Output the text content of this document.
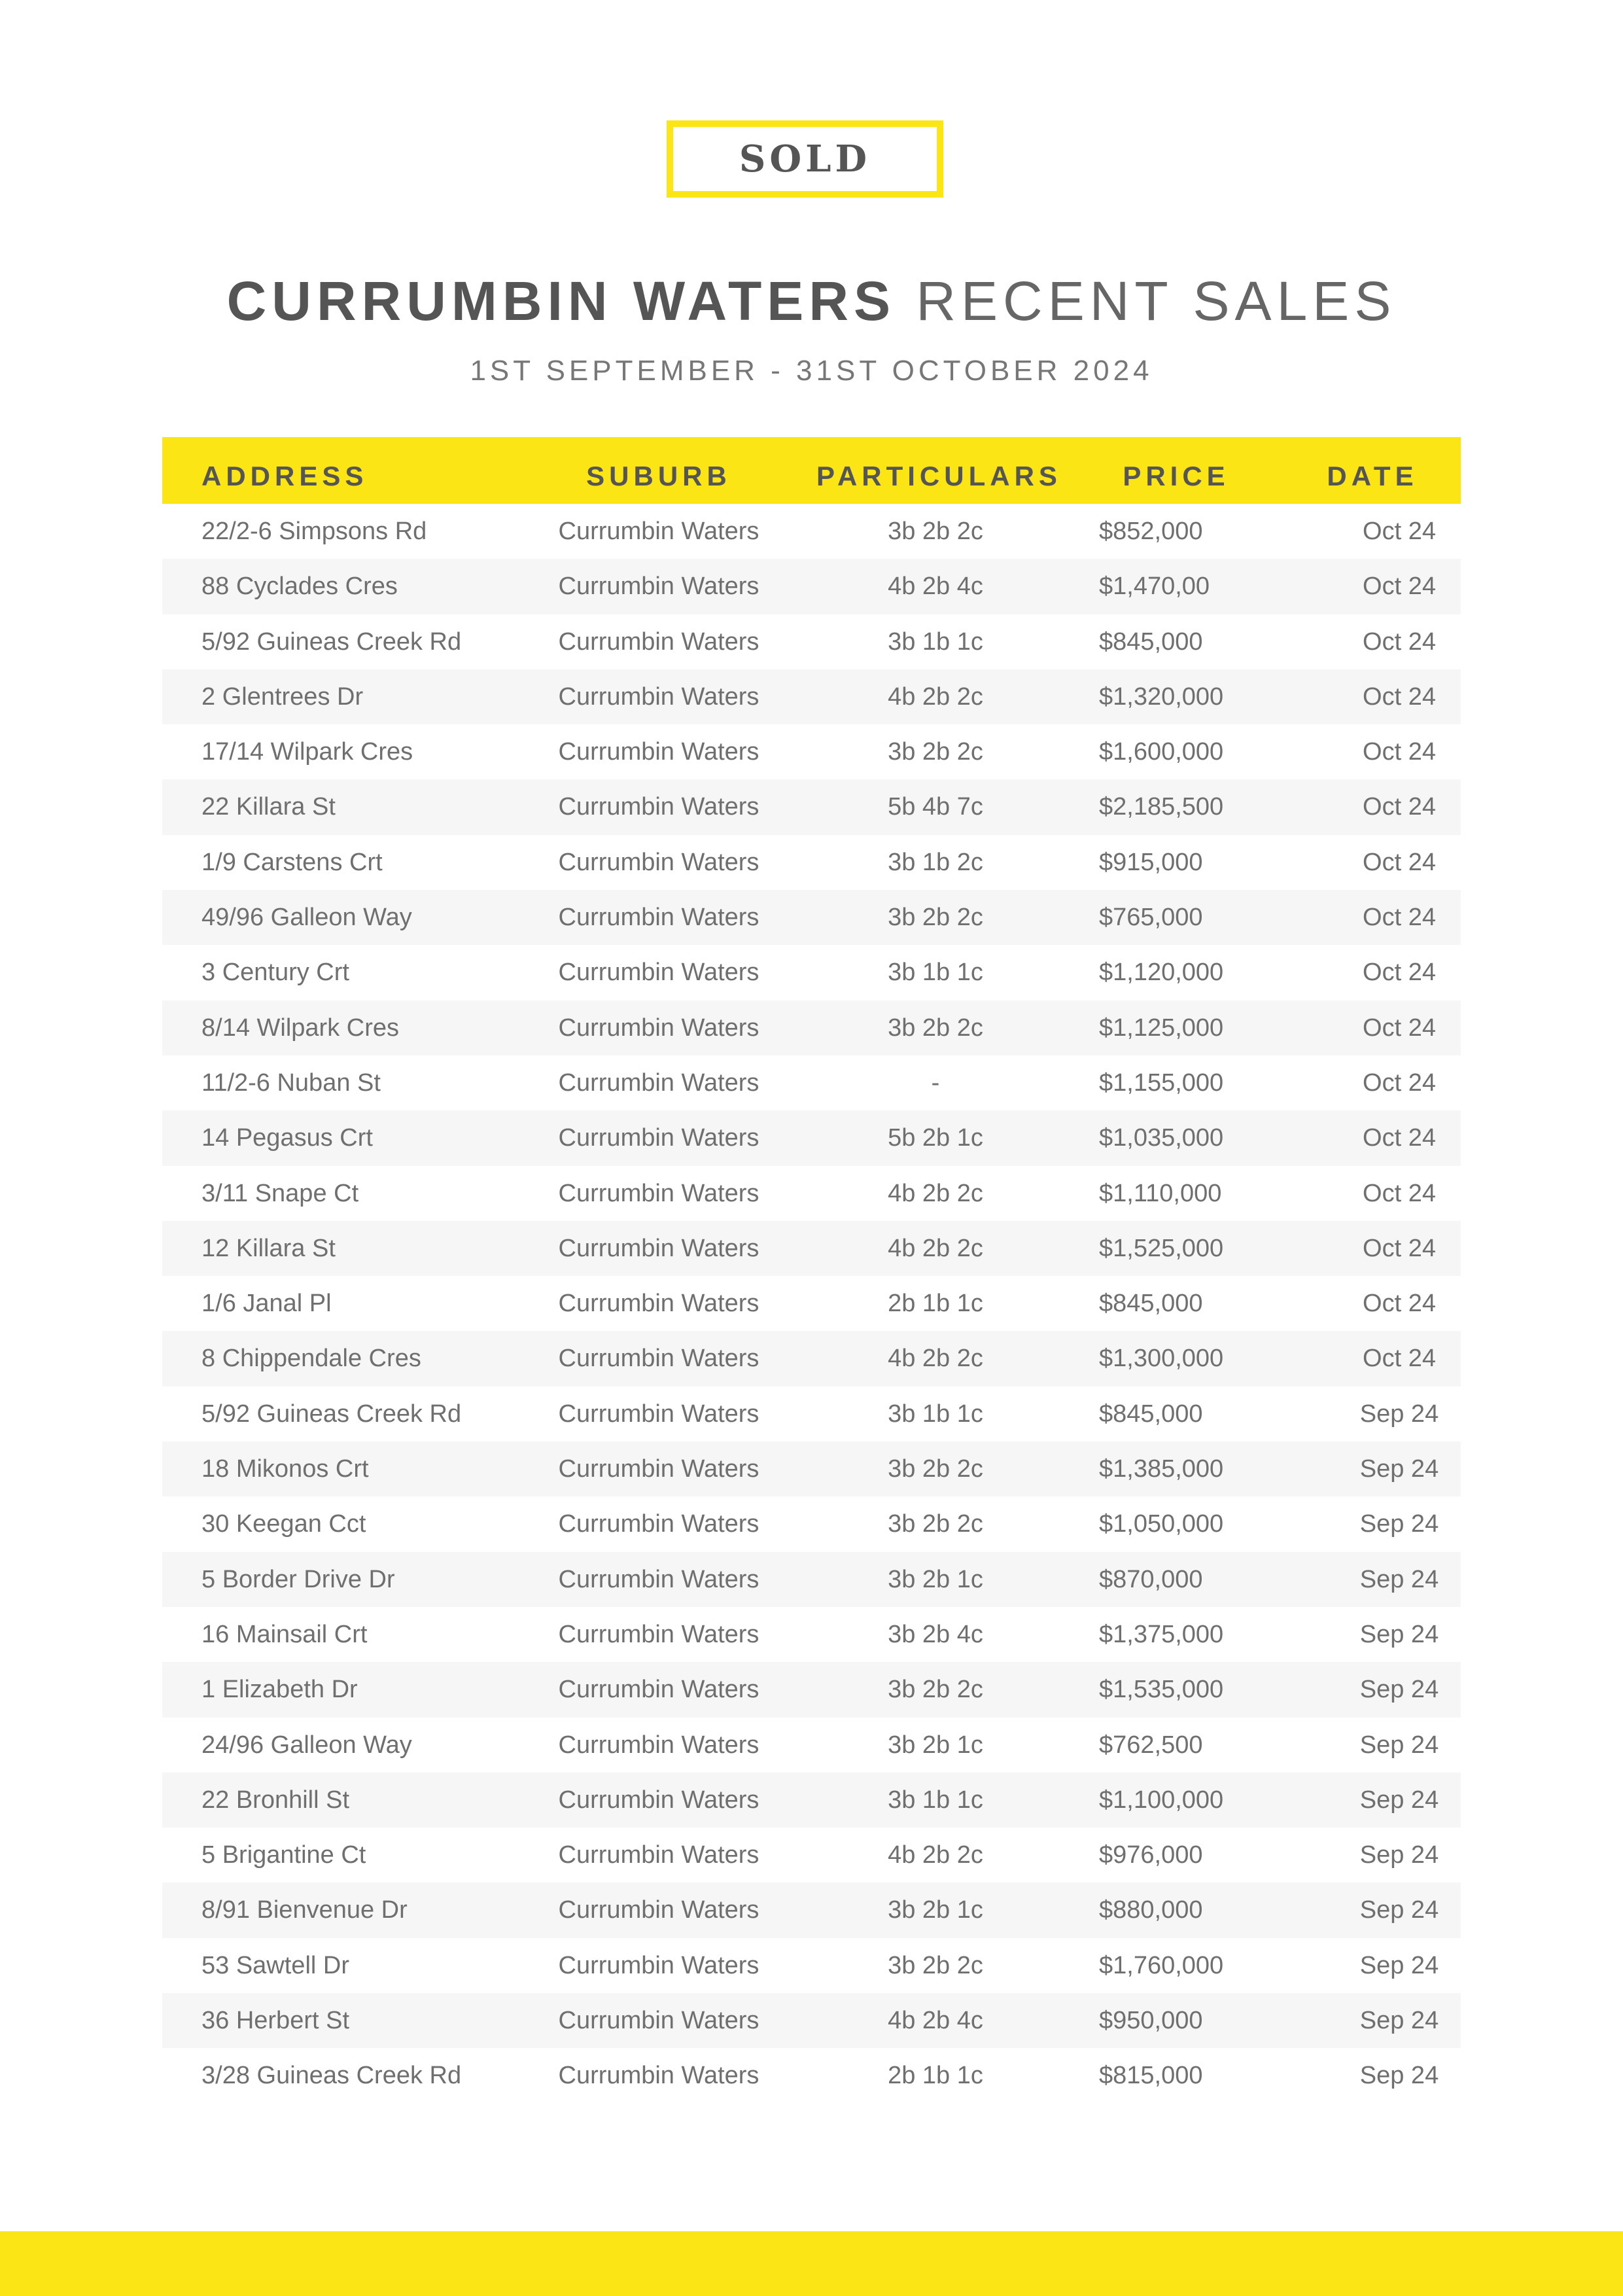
SOLD
CURRUMBIN WATERS RECENT SALES
1ST SEPTEMBER - 31ST OCTOBER 2024
ADDRESS	SUBURB	PARTICULARS	PRICE	DATE
22/2-6 Simpsons Rd	Currumbin Waters	3b 2b 2c	$852,000	Oct 24
88 Cyclades Cres	Currumbin Waters	4b 2b 4c	$1,470,00	Oct 24
5/92 Guineas Creek Rd	Currumbin Waters	3b 1b 1c	$845,000	Oct 24
2 Glentrees Dr	Currumbin Waters	4b 2b 2c	$1,320,000	Oct 24
17/14 Wilpark Cres	Currumbin Waters	3b 2b 2c	$1,600,000	Oct 24
22 Killara St	Currumbin Waters	5b 4b 7c	$2,185,500	Oct 24
1/9 Carstens Crt	Currumbin Waters	3b 1b 2c	$915,000	Oct 24
49/96 Galleon Way	Currumbin Waters	3b 2b 2c	$765,000	Oct 24
3 Century Crt	Currumbin Waters	3b 1b 1c	$1,120,000	Oct 24
8/14 Wilpark Cres	Currumbin Waters	3b 2b 2c	$1,125,000	Oct 24
11/2-6 Nuban St	Currumbin Waters	-	$1,155,000	Oct 24
14 Pegasus Crt	Currumbin Waters	5b 2b 1c	$1,035,000	Oct 24
3/11 Snape Ct	Currumbin Waters	4b 2b 2c	$1,110,000	Oct 24
12 Killara St	Currumbin Waters	4b 2b 2c	$1,525,000	Oct 24
1/6 Janal Pl	Currumbin Waters	2b 1b 1c	$845,000	Oct 24
8 Chippendale Cres	Currumbin Waters	4b 2b 2c	$1,300,000	Oct 24
5/92 Guineas Creek Rd	Currumbin Waters	3b 1b 1c	$845,000	Sep 24
18 Mikonos Crt	Currumbin Waters	3b 2b 2c	$1,385,000	Sep 24
30 Keegan Cct	Currumbin Waters	3b 2b 2c	$1,050,000	Sep 24
5 Border Drive Dr	Currumbin Waters	3b 2b 1c	$870,000	Sep 24
16 Mainsail Crt	Currumbin Waters	3b 2b 4c	$1,375,000	Sep 24
1 Elizabeth Dr	Currumbin Waters	3b 2b 2c	$1,535,000	Sep 24
24/96 Galleon Way	Currumbin Waters	3b 2b 1c	$762,500	Sep 24
22 Bronhill St	Currumbin Waters	3b 1b 1c	$1,100,000	Sep 24
5 Brigantine Ct	Currumbin Waters	4b 2b 2c	$976,000	Sep 24
8/91 Bienvenue Dr	Currumbin Waters	3b 2b 1c	$880,000	Sep 24
53 Sawtell Dr	Currumbin Waters	3b 2b 2c	$1,760,000	Sep 24
36 Herbert St	Currumbin Waters	4b 2b 4c	$950,000	Sep 24
3/28 Guineas Creek Rd	Currumbin Waters	2b 1b 1c	$815,000	Sep 24
